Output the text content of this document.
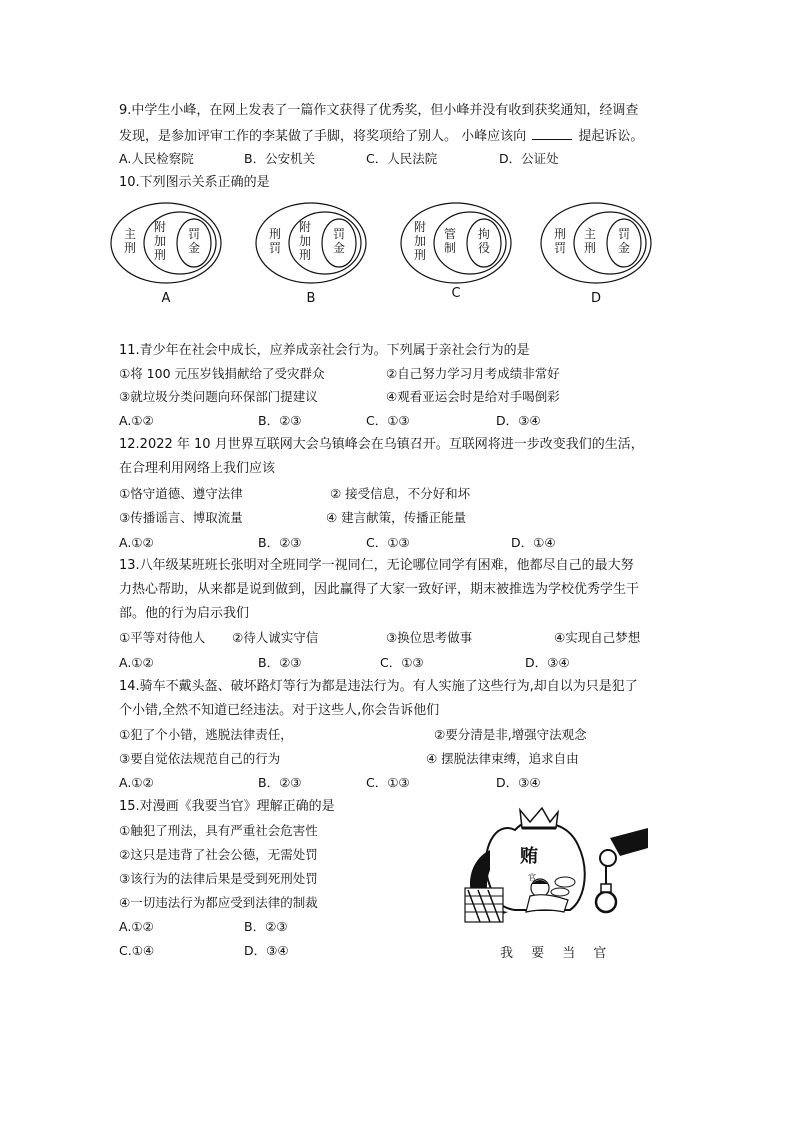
9.中学生小峰，在网上发表了一篇作文获得了优秀奖，但小峰并没有收到获奖通知，经调查
发现，是参加评审工作的李某做了手脚，将奖项给了别人。 小峰应该向	提起诉讼。
A.人民检察院	B．公安机关	C．人民法院	D．公证处
10.下列图示关系正确的是
主刑
附加刑
罚金
A
刑罚
附加刑
罚金
B
附加刑
管制
拘役
C
刑罚
主刑
罚金
D
11.青少年在社会中成长，应养成亲社会行为。下列属于亲社会行为的是
①将 100 元压岁钱捐献给了受灾群众	②自己努力学习月考成绩非常好
③就垃圾分类问题向环保部门提建议	④观看亚运会时是给对手喝倒彩
A.①②	B．②③	C．①③	D．③④
12.2022 年 10 月世界互联网大会乌镇峰会在乌镇召开。互联网将进一步改变我们的生活，
在合理利用网络上我们应该
①恪守道德、遵守法律	② 接受信息，不分好和坏
③传播谣言、博取流量	④ 建言献策，传播正能量
A.①②	B．②③	C．①③	D．①④
13.八年级某班班长张明对全班同学一视同仁，无论哪位同学有困难，他都尽自己的最大努
力热心帮助，从来都是说到做到，因此赢得了大家一致好评，期末被推选为学校优秀学生干
部。他的行为启示我们
①平等对待他人 ②待人诚实守信	③换位思考做事	④实现自己梦想
A.①②	B．②③	C．①③	D．③④
14.骑车不戴头盔、破坏路灯等行为都是违法行为。有人实施了这些行为,却自以为只是犯了
个小错,全然不知道已经违法。对于这些人,你会告诉他们
①犯了个小错，逃脱法律责任，	②要分清是非,增强守法观念
③要自觉依法规范自己的行为	④ 摆脱法律束缚，追求自由
A.①②	B．②③	C．①③	D．③④
15.对漫画《我要当官》理解正确的是
①触犯了刑法，具有严重社会危害性
②这只是违背了社会公德，无需处罚
③该行为的法律后果是受到死刑处罚
④一切违法行为都应受到法律的制裁
A.①②	B．②③
C.①④	D．③④
贿
官
我 要 当 官
